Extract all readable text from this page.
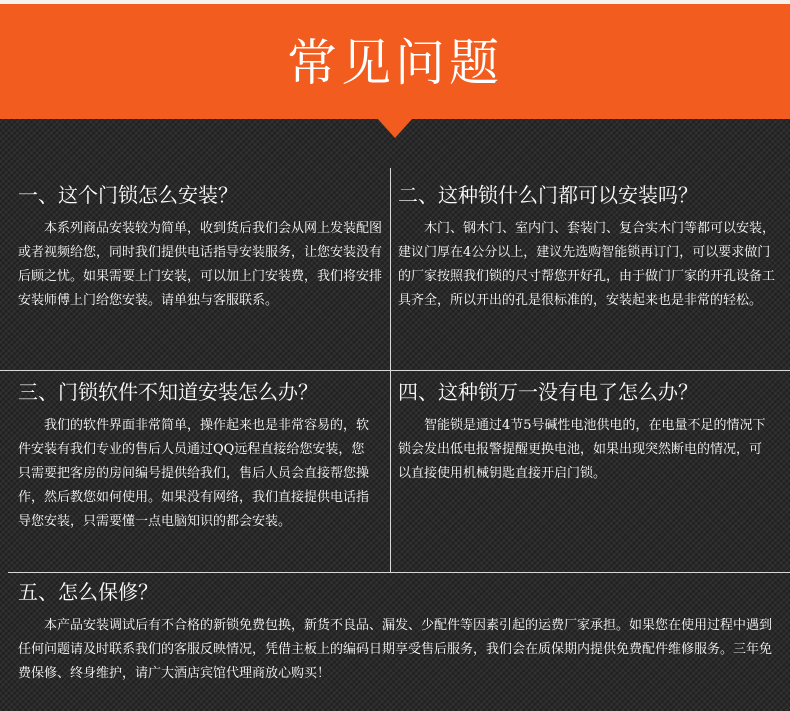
常见问题
一、这个门锁怎么安装？

本系列商品安装较为简单，收到货后我们会从网上发装配图或者视频给您，同时我们提供电话指导安装服务，让您安装没有后顾之忧。如果需要上门安装，可以加上门安装费，我们将安排安装师傅上门给您安装。请单独与客服联系。

二、这种锁什么门都可以安装吗？

木门、钢木门、室内门、套装门、复合实木门等都可以安装，建议门厚在4公分以上，建议先选购智能锁再订门，可以要求做门的厂家按照我们锁的尺寸帮您开好孔，由于做门厂家的开孔设备工具齐全，所以开出的孔是很标准的，安装起来也是非常的轻松。

三、门锁软件不知道安装怎么办？

我们的软件界面非常简单，操作起来也是非常容易的，软件安装有我们专业的售后人员通过QQ远程直接给您安装，您只需要把客房的房间编号提供给我们，售后人员会直接帮您操作，然后教您如何使用。如果没有网络，我们直接提供电话指导您安装，只需要懂一点电脑知识的都会安装。

四、这种锁万一没有电了怎么办？

智能锁是通过4节5号碱性电池供电的，在电量不足的情况下锁会发出低电报警提醒更换电池，如果出现突然断电的情况，可以直接使用机械钥匙直接开启门锁。

五、怎么保修？

本产品安装调试后有不合格的新锁免费包换，新货不良品、漏发、少配件等因素引起的运费厂家承担。如果您在使用过程中遇到任何问题请及时联系我们的客服反映情况，凭借主板上的编码日期享受售后服务，我们会在质保期内提供免费配件维修服务。三年免费保修、终身维护，请广大酒店宾馆代理商放心购买！
